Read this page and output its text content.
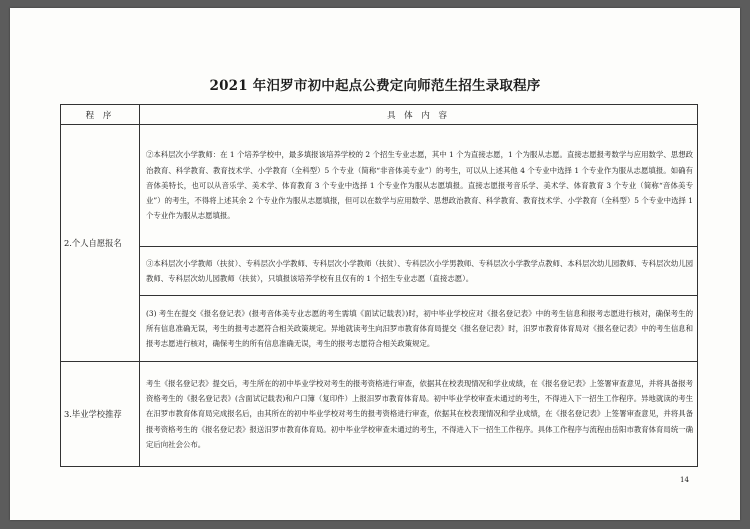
2021 年汨罗市初中起点公费定向师范生招生录取程序
程 序	具 体 内 容
2.个人自愿报名	②本科层次小学教师：在 1 个培养学校中，最多填报该培养学校的 2 个招生专业志愿，其中 1 个为直接志愿，1 个为服从志愿。直接志愿报考数学与应用数学、思想政治教育、科学教育、教育技术学、小学教育（全科型）5 个专业（简称“非音体美专业”）的考生，可以从上述其他 4 个专业中选择 1 个专业作为服从志愿填报。如确有音体美特长，也可以从音乐学、美术学、体育教育 3 个专业中选择 1 个专业作为服从志愿填报。直接志愿报考音乐学、美术学、体育教育 3 个专业（简称“音体美专业”）的考生，不得将上述其余 2 个专业作为服从志愿填报，但可以在数学与应用数学、思想政治教育、科学教育、教育技术学、小学教育（全科型）5 个专业中选择 1 个专业作为服从志愿填报。
	③本科层次小学教师（扶贫）、专科层次小学教师、专科层次小学教师（扶贫）、专科层次小学男教师、专科层次小学教学点教师、本科层次幼儿园教师、专科层次幼儿园教师、专科层次幼儿园教师（扶贫），只填报该培养学校有且仅有的 1 个招生专业志愿（直接志愿）。
	(3) 考生在提交《报名登记表》(报考音体美专业志愿的考生需填《面试记载表》)时，初中毕业学校应对《报名登记表》中的考生信息和报考志愿进行核对，确保考生的所有信息准确无误，考生的报考志愿符合相关政策规定。异地就读考生向汨罗市教育体育局提交《报名登记表》时，汨罗市教育体育局对《报名登记表》中的考生信息和报考志愿进行核对，确保考生的所有信息准确无误，考生的报考志愿符合相关政策规定。
3.毕业学校推荐	考生《报名登记表》提交后，考生所在的初中毕业学校对考生的报考资格进行审查，依据其在校表现情况和学业成绩，在《报名登记表》上签署审查意见，并将具备报考资格考生的《报名登记表》(含面试记载表)和户口簿（复印件）上报汨罗市教育体育局。初中毕业学校审查未通过的考生，不得进入下一招生工作程序。异地就读的考生在汨罗市教育体育局完成报名后，由其所在的初中毕业学校对考生的报考资格进行审查，依据其在校表现情况和学业成绩，在《报名登记表》上签署审查意见，并将具备报考资格考生的《报名登记表》报送汨罗市教育体育局。初中毕业学校审查未通过的考生，不得进入下一招生工作程序。具体工作程序与流程由岳阳市教育体育局统一确定后向社会公布。
14
